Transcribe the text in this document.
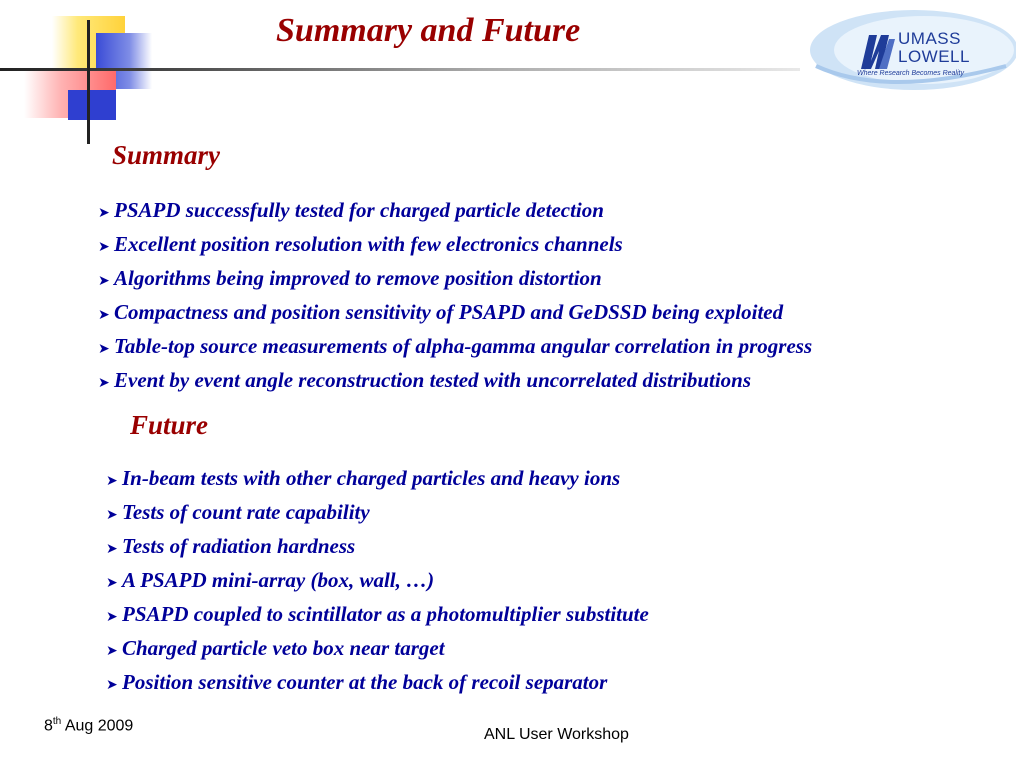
Summary and Future	UMASS
LOWELL
Where Research Becomes Reality
Summary
➤ PSAPD successfully tested for charged particle detection
➤ Excellent position resolution with few electronics channels
➤ Algorithms being improved to remove position distortion
➤ Compactness and position sensitivity of PSAPD and GeDSSD being exploited
➤ Table-top source measurements of alpha-gamma angular correlation in progress
➤ Event by event angle reconstruction tested with uncorrelated distributions
Future
➤ In-beam tests with other charged particles and heavy ions
➤ Tests of count rate capability
➤ Tests of radiation hardness
➤ A PSAPD mini-array (box, wall, …)
➤ PSAPD coupled to scintillator as a photomultiplier substitute
➤ Charged particle veto box near target
➤ Position sensitive counter at the back of recoil separator
8th Aug 2009
ANL User Workshop
